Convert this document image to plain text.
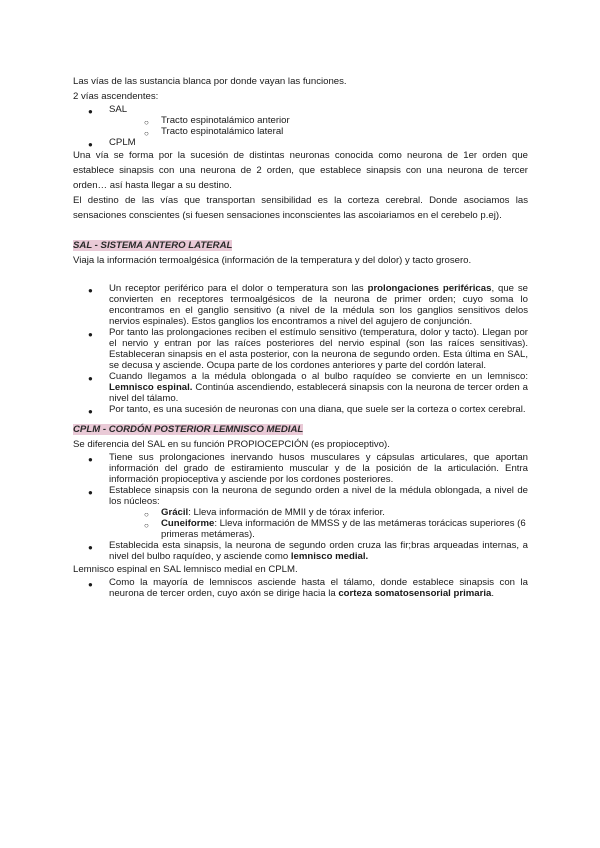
Las vías de las sustancia blanca por donde vayan las funciones.

2 vías ascendentes:

● SAL
○ Tracto espinotalámico anterior
○ Tracto espinotalámico lateral
● CPLM

Una vía se forma por la sucesión de distintas neuronas conocida como neurona de 1er orden que establece sinapsis con una neurona de 2 orden, que establece sinapsis con una neurona de tercer orden… así hasta llegar a su destino.

El destino de las vías que transportan sensibilidad es la corteza cerebral. Donde asociamos las sensaciones conscientes (si fuesen sensaciones inconscientes las ascoiariamos en el cerebelo p.ej).

SAL - SISTEMA ANTERO LATERAL

Viaja la información termoalgésica (información de la temperatura y del dolor) y tacto grosero.

● Un receptor periférico para el dolor o temperatura son las prolongaciones periféricas, que se convierten en receptores termoalgésicos de la neurona de primer orden; cuyo soma lo encontramos en el ganglio sensitivo (a nivel de la médula son los ganglios sensitivos delos nervios espinales). Estos ganglios los encontramos a nivel del agujero de conjunción.
● Por tanto las prolongaciones reciben el estímulo sensitivo (temperatura, dolor y tacto). Llegan por el nervio y entran por las raíces posteriores del nervio espinal (son las raíces sensitivas). Estableceran sinapsis en el asta posterior, con la neurona de segundo orden. Esta última en SAL, se decusa y asciende. Ocupa parte de los cordones anteriores y parte del cordón lateral.
● Cuando llegamos a la médula oblongada o al bulbo raquídeo se convierte en un lemnisco: Lemnisco espinal. Continúa ascendiendo, establecerá sinapsis con la neurona de tercer orden a nivel del tálamo.
● Por tanto, es una sucesión de neuronas con una diana, que suele ser la corteza o cortex cerebral.

CPLM - CORDÓN POSTERIOR LEMNISCO MEDIAL

Se diferencia del SAL en su función PROPIOCEPCIÓN (es propioceptivo).

● Tiene sus prolongaciones inervando husos musculares y cápsulas articulares, que aportan información del grado de estiramiento muscular y de la posición de la articulación. Entra información propioceptiva y asciende por los cordones posteriores.
● Establece sinapsis con la neurona de segundo orden a nivel de la médula oblongada, a nivel de los núcleos:
○ Grácil: Lleva información de MMII y de tórax inferior.
○ Cuneiforme: Lleva información de MMSS y de las metámeras torácicas superiores (6 primeras metámeras).
● Establecida esta sinapsis, la neurona de segundo orden cruza las fir;bras arqueadas internas, a nivel del bulbo raquídeo, y asciende como lemnisco medial.

Lemnisco espinal en SAL lemnisco medial en CPLM.

● Como la mayoría de lemniscos asciende hasta el tálamo, donde establece sinapsis con la neurona de tercer orden, cuyo axón se dirige hacia la corteza somatosensorial primaria.
